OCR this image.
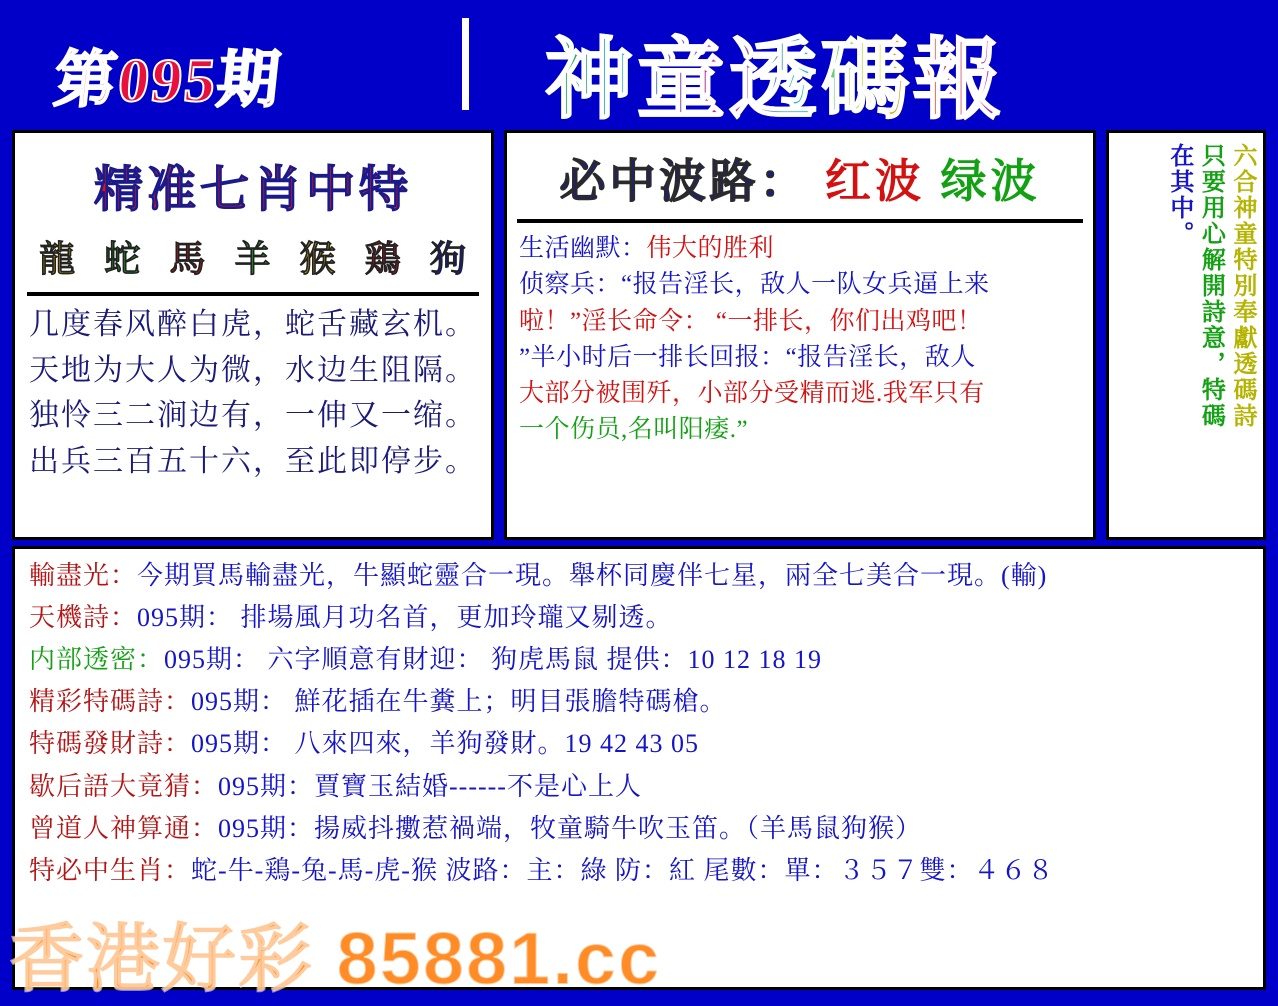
第095期	神童透碼報
精准七肖中特
龍 蛇 馬 羊 猴 鶏 狗
几度春风醉白虎，蛇舌藏玄机。
天地为大人为微，水边生阻隔。
独怜三二涧边有，一伸又一缩。
出兵三百五十六，至此即停步。
必中波路： 红波 绿波
生活幽默：伟大的胜利
侦察兵：“报告淫长，敌人一队女兵逼上来
啦！”淫长命令： “一排长，你们出鸡吧！
”半小时后一排长回报：“报告淫长，敌人
大部分被围歼，小部分受精而逃.我军只有
一个伤员,名叫阳痿.”
六合神童特別奉獻透碼詩
只要用心解開詩意，特碼
在其中。
輸盡光：今期買馬輸盡光，牛顯蛇靈合一現。舉杯同慶伴七星，兩全七美合一現。(輸)
天機詩：095期： 排場風月功名首，更加玲瓏又剔透。
内部透密：095期： 六字順意有財迎： 狗虎馬鼠 提供：10 12 18 19
精彩特碼詩：095期： 鮮花插在牛糞上；明目張膽特碼槍。
特碼發財詩：095期： 八來四來，羊狗發財。19 42 43 05
歇后語大竟猜：095期：賈寶玉結婚------不是心上人
曾道人神算通：095期：揚威抖擻惹禍端，牧童騎牛吹玉笛。（羊馬鼠狗猴）
特必中生肖：蛇-牛-鶏-兔-馬-虎-猴 波路：主：綠 防：紅 尾數：單：３５７雙：４６８
香港好彩 85881.cc
